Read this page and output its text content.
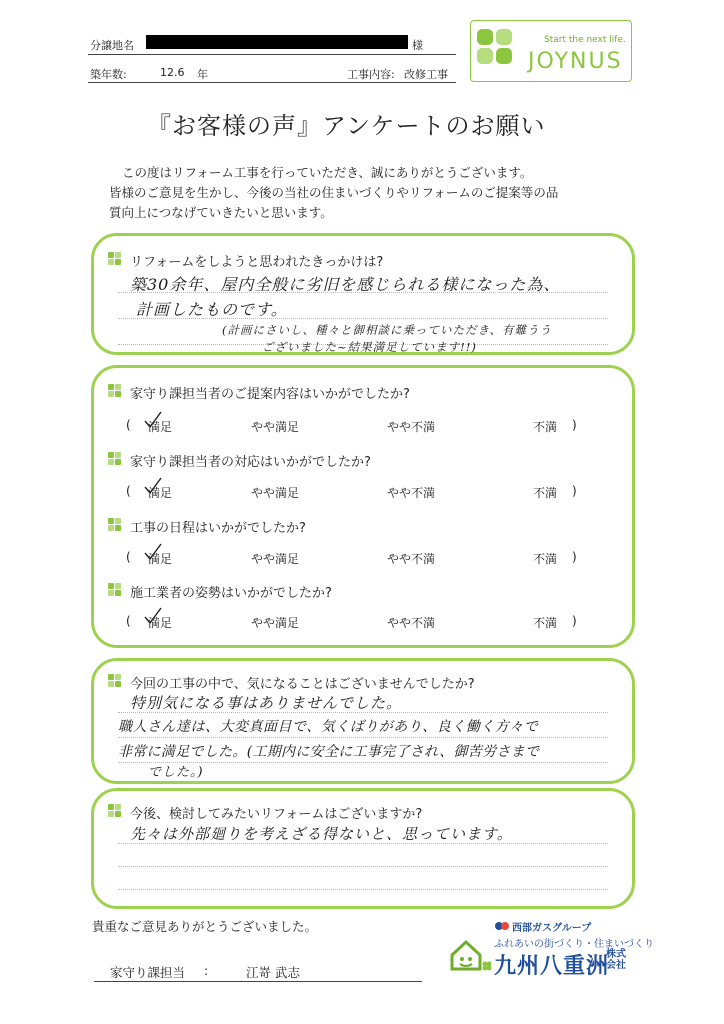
分譲地名	様
築年数:	12.6 年	工事内容: 改修工事
Start the next life.
JOYNUS
『お客様の声』アンケートのお願い
この度はリフォーム工事を行っていただき、誠にありがとうございます。
皆様のご意見を生かし、今後の当社の住まいづくりやリフォームのご提案等の品
質向上につなげていきたいと思います。
リフォームをしようと思われたきっかけは?
築30余年、屋内全般に劣旧を感じられる様になった為、
計画したものです。
(計画にさいし、種々と御相談に乗っていただき、有難うう
ございました~結果満足しています!!)
家守り課担当者のご提案内容はいかがでしたか?
( 満足	やや満足	やや不満	不満 )
家守り課担当者の対応はいかがでしたか?
( 満足	やや満足	やや不満	不満 )
工事の日程はいかがでしたか?
( 満足	やや満足	やや不満	不満 )
施工業者の姿勢はいかがでしたか?
( 満足	やや満足	やや不満	不満 )
今回の工事の中で、気になることはございませんでしたか?
特別気になる事はありませんでした。
職人さん達は、大変真面目で、気くばりがあり、良く働く方々で
非常に満足でした。(工期内に安全に工事完了され、御苦労さまで
でした。)
今後、検討してみたいリフォームはございますか?
先々は外部廻りを考えざる得ないと、思っています。
貴重なご意見ありがとうございました。
家守り課担当 :	江嵜 武志
西部ガスグループ
ふれあいの街づくり・住まいづくり
九州八重洲
株式会社
